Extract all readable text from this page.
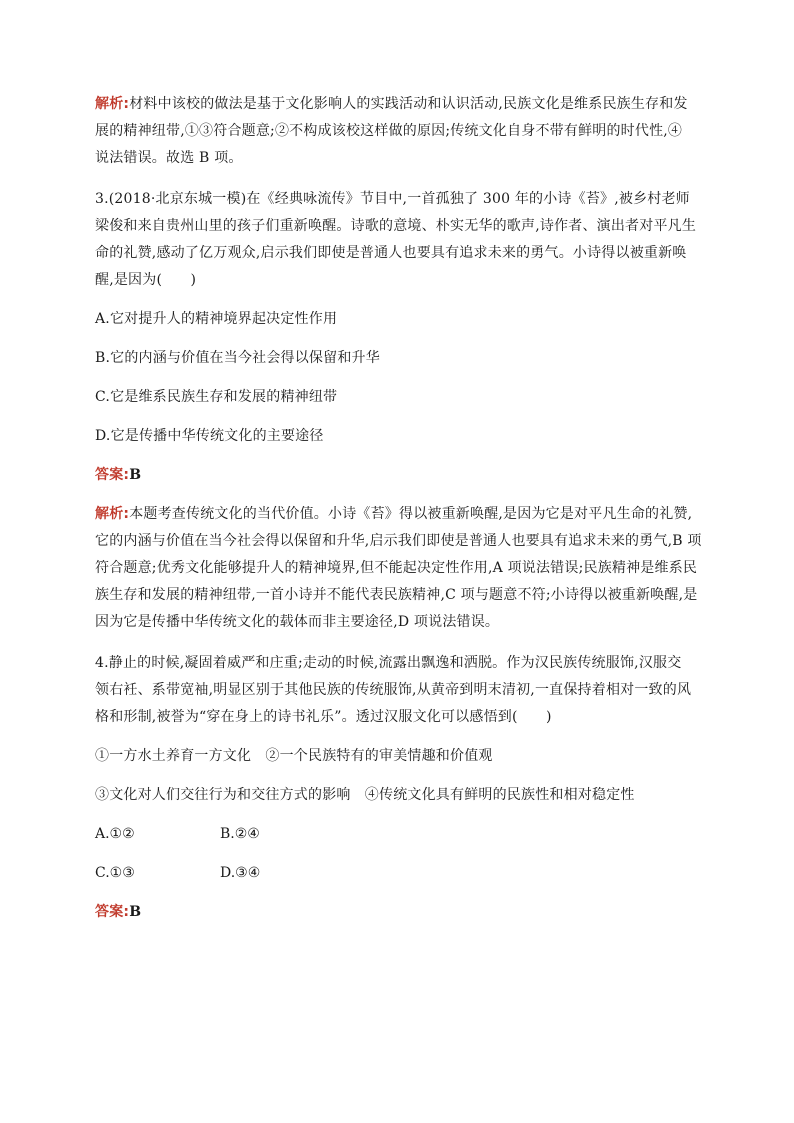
解析:材料中该校的做法是基于文化影响人的实践活动和认识活动,民族文化是维系民族生存和发
展的精神纽带,①③符合题意;②不构成该校这样做的原因;传统文化自身不带有鲜明的时代性,④
说法错误。故选 B 项。
3.(2018·北京东城一模)在《经典咏流传》节目中,一首孤独了 300 年的小诗《苔》,被乡村老师
梁俊和来自贵州山里的孩子们重新唤醒。诗歌的意境、朴实无华的歌声,诗作者、演出者对平凡生
命的礼赞,感动了亿万观众,启示我们即使是普通人也要具有追求未来的勇气。小诗得以被重新唤
醒,是因为(　　)
A.它对提升人的精神境界起决定性作用
B.它的内涵与价值在当今社会得以保留和升华
C.它是维系民族生存和发展的精神纽带
D.它是传播中华传统文化的主要途径
答案:B
解析:本题考查传统文化的当代价值。小诗《苔》得以被重新唤醒,是因为它是对平凡生命的礼赞,
它的内涵与价值在当今社会得以保留和升华,启示我们即使是普通人也要具有追求未来的勇气,B 项
符合题意;优秀文化能够提升人的精神境界,但不能起决定性作用,A 项说法错误;民族精神是维系民
族生存和发展的精神纽带,一首小诗并不能代表民族精神,C 项与题意不符;小诗得以被重新唤醒,是
因为它是传播中华传统文化的载体而非主要途径,D 项说法错误。
4.静止的时候,凝固着威严和庄重;走动的时候,流露出飘逸和洒脱。作为汉民族传统服饰,汉服交
领右衽、系带宽袖,明显区别于其他民族的传统服饰,从黄帝到明末清初,一直保持着相对一致的风
格和形制,被誉为“穿在身上的诗书礼乐”。透过汉服文化可以感悟到(　　)
①一方水土养育一方文化　②一个民族特有的审美情趣和价值观
③文化对人们交往行为和交往方式的影响　④传统文化具有鲜明的民族性和相对稳定性
A.①②	B.②④
C.①③	D.③④
答案:B
